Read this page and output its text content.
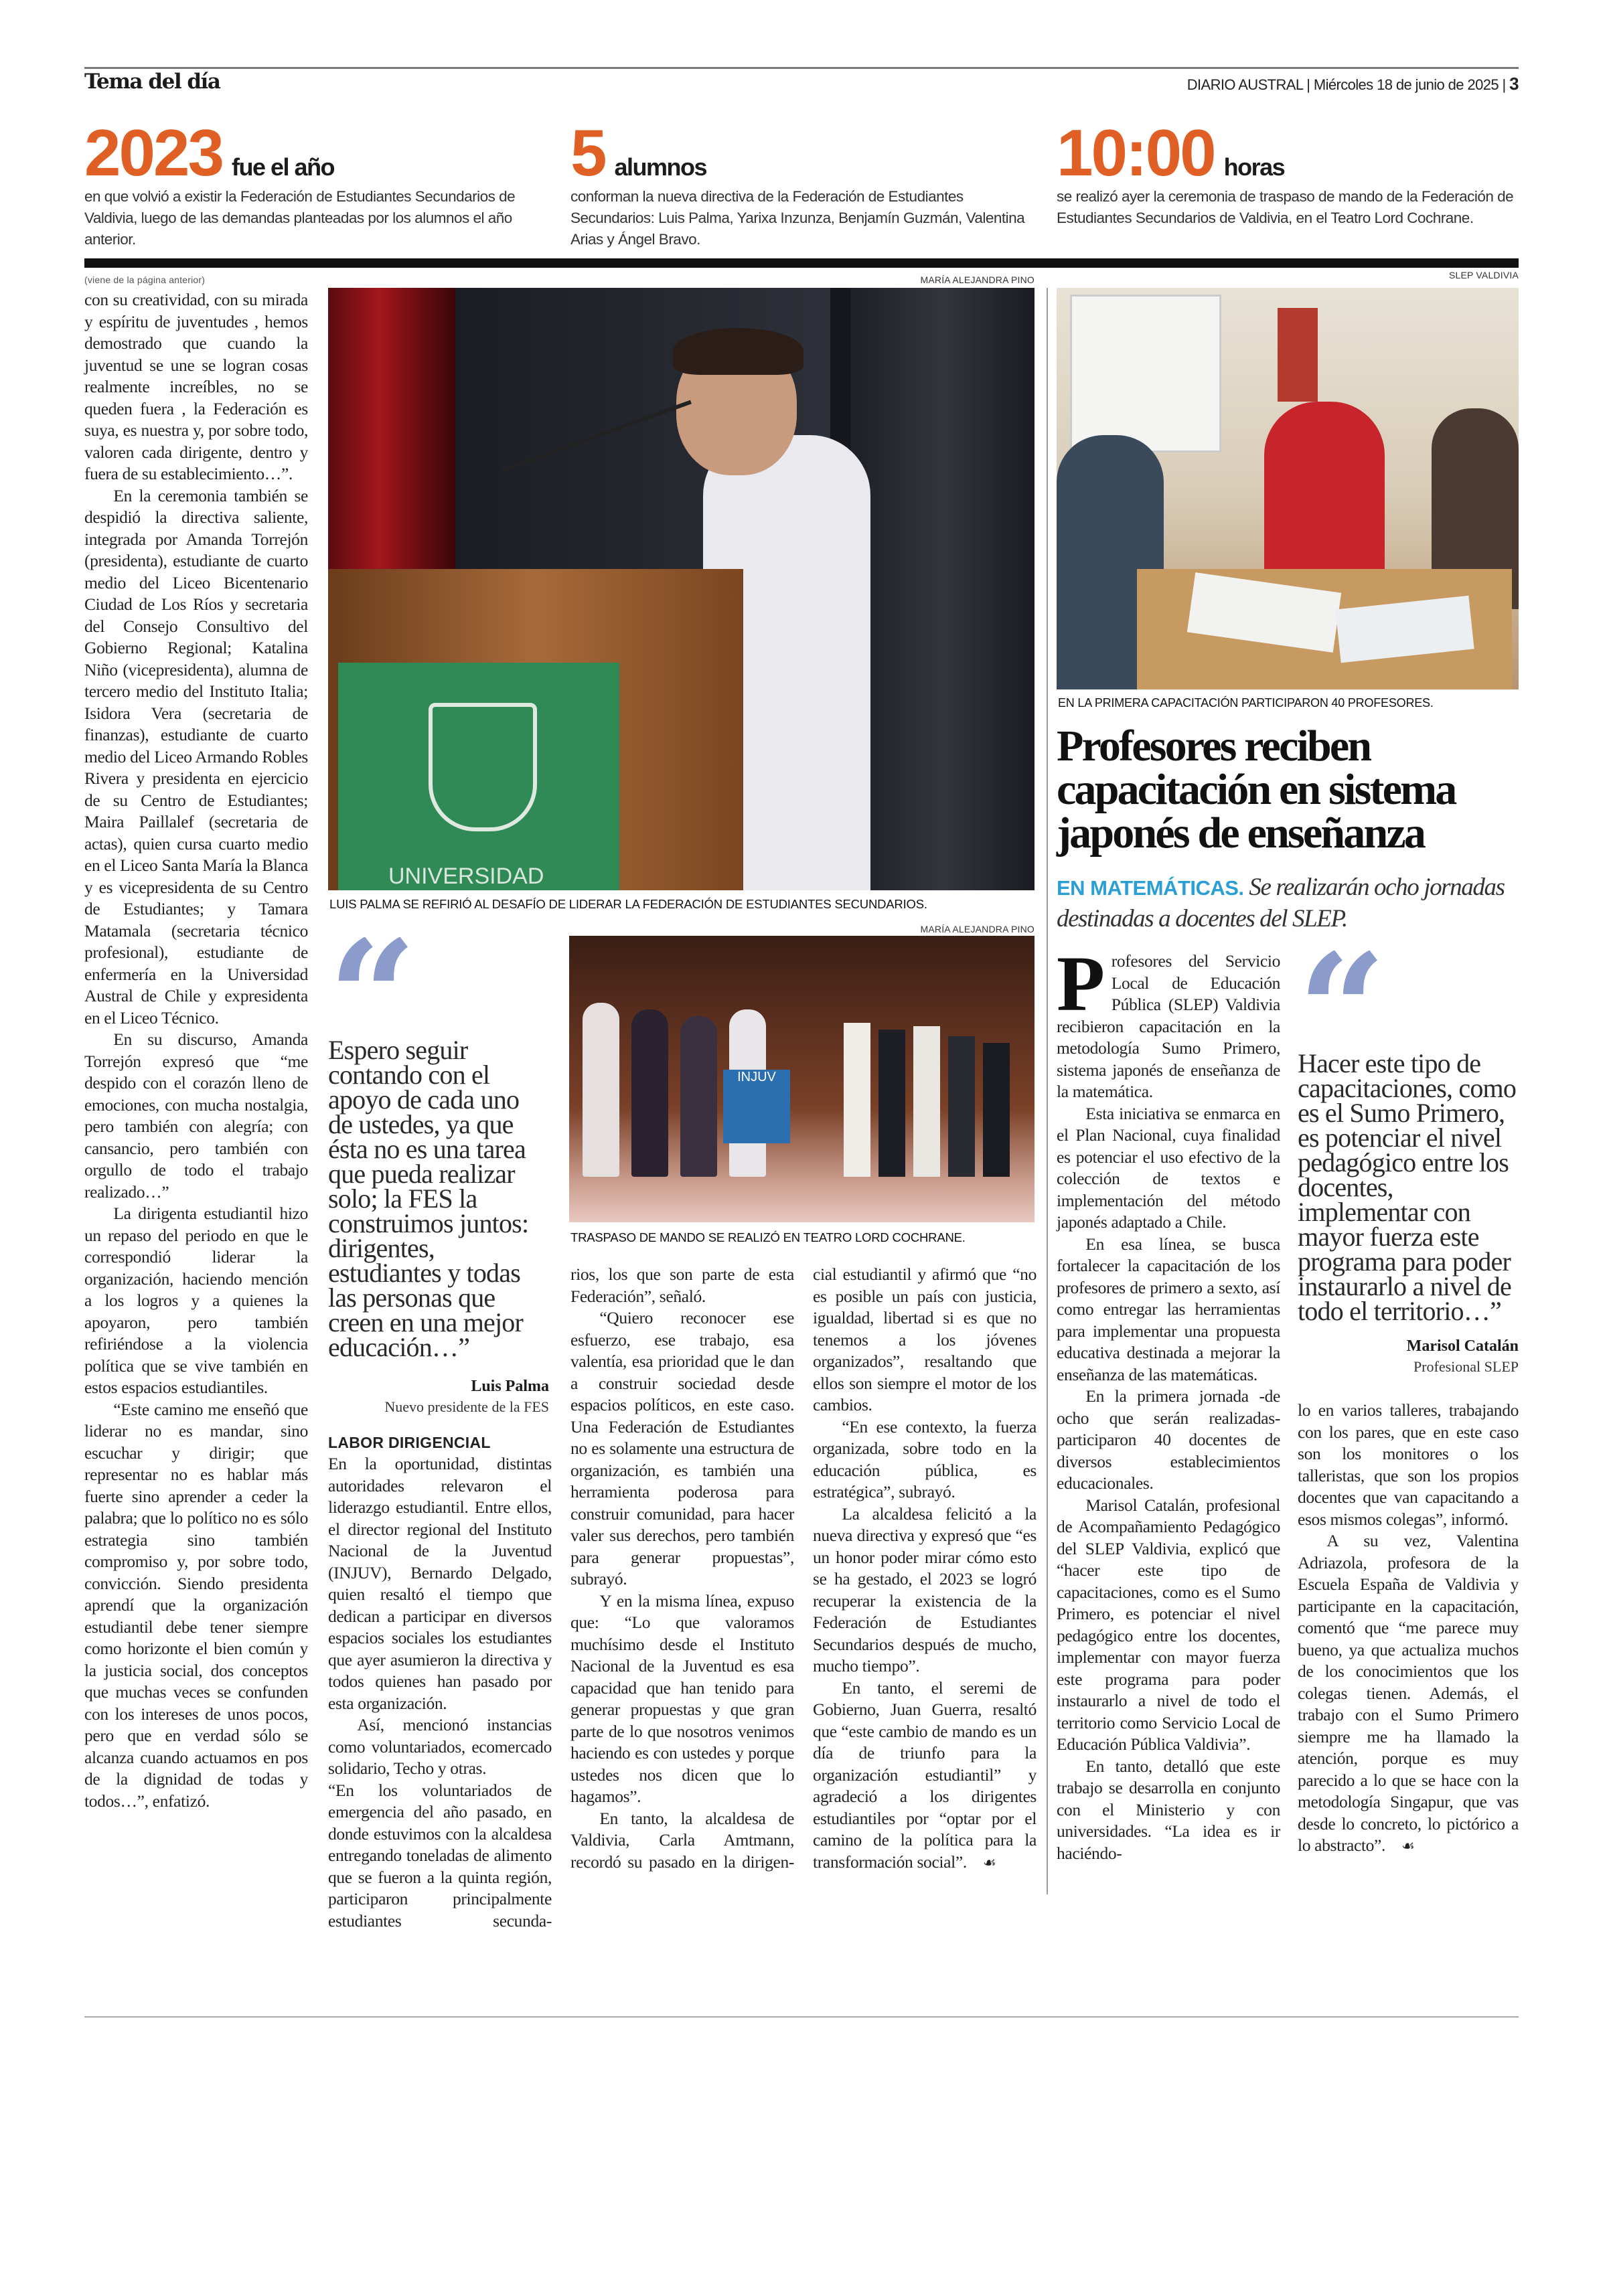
Tema del día	DIARIO AUSTRAL | Miércoles 18 de junio de 2025 | 3
2023 fue el año
en que volvió a existir la Federación de Estudiantes Secundarios de Valdivia, luego de las demandas planteadas por los alumnos el año anterior.
5 alumnos
conforman la nueva directiva de la Federación de Estudiantes Secundarios: Luis Palma, Yarixa Inzunza, Benjamín Guzmán, Valentina Arias y Ángel Bravo.
10:00 horas
se realizó ayer la ceremonia de traspaso de mando de la Federación de Estudiantes Secundarios de Valdivia, en el Teatro Lord Cochrane.
(viene de la página anterior)

con su creatividad, con su mirada y espíritu de juventudes , hemos demostrado que cuando la juventud se une se logran cosas realmente increíbles, no se queden fuera , la Federación es suya, es nuestra y, por sobre todo, valoren cada dirigente, dentro y fuera de su establecimiento…”.

En la ceremonia también se despidió la directiva saliente, integrada por Amanda Torrejón (presidenta), estudiante de cuarto medio del Liceo Bicentenario Ciudad de Los Ríos y secretaria del Consejo Consultivo del Gobierno Regional; Katalina Niño (vicepresidenta), alumna de tercero medio del Instituto Italia; Isidora Vera (secretaria de finanzas), estudiante de cuarto medio del Liceo Armando Robles Rivera y presidenta en ejercicio de su Centro de Estudiantes; Maira Paillalef (secretaria de actas), quien cursa cuarto medio en el Liceo Santa María la Blanca y es vicepresidenta de su Centro de Estudiantes; y Tamara Matamala (secretaria técnico profesional), estudiante de enfermería en la Universidad Austral de Chile y expresidenta en el Liceo Técnico.

En su discurso, Amanda Torrejón expresó que “me despido con el corazón lleno de emociones, con mucha nostalgia, pero también con alegría; con cansancio, pero también con orgullo de todo el trabajo realizado…”

La dirigenta estudiantil hizo un repaso del periodo en que le correspondió liderar la organización, haciendo mención a los logros y a quienes la apoyaron, pero también refiriéndose a la violencia política que se vive también en estos espacios estudiantiles.

“Este camino me enseñó que liderar no es mandar, sino escuchar y dirigir; que representar no es hablar más fuerte sino aprender a ceder la palabra; que lo político no es sólo estrategia sino también compromiso y, por sobre todo, convicción. Siendo presidenta aprendí que la organización estudiantil debe tener siempre como horizonte el bien común y la justicia social, dos conceptos que muchas veces se confunden con los intereses de unos pocos, pero que en verdad sólo se alcanza cuando actuamos en pos de la dignidad de todas y todos…”, enfatizó.

MARÍA ALEJANDRA PINO
UNIVERSIDAD
LUIS PALMA SE REFIRIÓ AL DESAFÍO DE LIDERAR LA FEDERACIÓN DE ESTUDIANTES SECUNDARIOS.
Espero seguir contando con el apoyo de cada uno de ustedes, ya que ésta no es una tarea que pueda realizar solo; la FES la construimos juntos: dirigentes, estudiantes y todas las personas que creen en una mejor educación…”
Luis Palma
Nuevo presidente de la FES
LABOR DIRIGENCIAL

En la oportunidad, distintas autoridades relevaron el liderazgo estudiantil. Entre ellos, el director regional del Instituto Nacional de la Juventud (INJUV), Bernardo Delgado, quien resaltó el tiempo que dedican a participar en diversos espacios sociales los estudiantes que ayer asumieron la directiva y todos quienes han pasado por esta organización.

Así, mencionó instancias como voluntariados, ecomercado solidario, Techo y otras.

“En los voluntariados de emergencia del año pasado, en donde estuvimos con la alcaldesa entregando toneladas de alimento que se fueron a la quinta región, participaron principalmente estudiantes secunda-

MARÍA ALEJANDRA PINO
INJUV
TRASPASO DE MANDO SE REALIZÓ EN TEATRO LORD COCHRANE.

rios, los que son parte de esta Federación”, señaló.

“Quiero reconocer ese esfuerzo, ese trabajo, esa valentía, esa prioridad que le dan a construir sociedad desde espacios políticos, en este caso. Una Federación de Estudiantes no es solamente una estructura de organización, es también una herramienta poderosa para construir comunidad, para hacer valer sus derechos, pero también para generar propuestas”, subrayó.

Y en la misma línea, expuso que: “Lo que valoramos muchísimo desde el Instituto Nacional de la Juventud es esa capacidad que han tenido para generar propuestas y que gran parte de lo que nosotros venimos haciendo es con ustedes y porque ustedes nos dicen que lo hagamos”.

En tanto, la alcaldesa de Valdivia, Carla Amtmann, recordó su pasado en la dirigen-

cial estudiantil y afirmó que “no es posible un país con justicia, igualdad, libertad si es que no tenemos a los jóvenes organizados”, resaltando que ellos son siempre el motor de los cambios.

“En ese contexto, la fuerza organizada, sobre todo en la educación pública, es estratégica”, subrayó.

La alcaldesa felicitó a la nueva directiva y expresó que “es un honor poder mirar cómo esto se ha gestado, el 2023 se logró recuperar la existencia de la Federación de Estudiantes Secundarios después de mucho, mucho tiempo”.

En tanto, el seremi de Gobierno, Juan Guerra, resaltó que “este cambio de mando es un día de triunfo para la organización estudiantil” y agradeció a los dirigentes estudiantiles por “optar por el camino de la política para la transformación social”. ☙

SLEP VALDIVIA
EN LA PRIMERA CAPACITACIÓN PARTICIPARON 40 PROFESORES.
Profesores reciben capacitación en sistema japonés de enseñanza
EN MATEMÁTICAS. Se realizarán ocho jornadas destinadas a docentes del SLEP.

Profesores del Servicio Local de Educación Pública (SLEP) Valdivia recibieron capacitación en la metodología Sumo Primero, sistema japonés de enseñanza de la matemática.

Esta iniciativa se enmarca en el Plan Nacional, cuya finalidad es potenciar el uso efectivo de la colección de textos e implementación del método japonés adaptado a Chile.

En esa línea, se busca fortalecer la capacitación de los profesores de primero a sexto, así como entregar las herramientas para implementar una propuesta educativa destinada a mejorar la enseñanza de las matemáticas.

En la primera jornada -de ocho que serán realizadas- participaron 40 docentes de diversos establecimientos educacionales.

Marisol Catalán, profesional de Acompañamiento Pedagógico del SLEP Valdivia, explicó que “hacer este tipo de capacitaciones, como es el Sumo Primero, es potenciar el nivel pedagógico entre los docentes, implementar con mayor fuerza este programa para poder instaurarlo a nivel de todo el territorio como Servicio Local de Educación Pública Valdivia”.

En tanto, detalló que este trabajo se desarrolla en conjunto con el Ministerio y con universidades. “La idea es ir haciéndo-

Hacer este tipo de capacitaciones, como es el Sumo Primero, es potenciar el nivel pedagógico entre los docentes, implementar con mayor fuerza este programa para poder instaurarlo a nivel de todo el territorio…”
Marisol Catalán
Profesional SLEP

lo en varios talleres, trabajando con los pares, que en este caso son los monitores o los talleristas, que son los propios docentes que van capacitando a esos mismos colegas”, informó.

A su vez, Valentina Adriazola, profesora de la Escuela España de Valdivia y participante en la capacitación, comentó que “me parece muy bueno, ya que actualiza muchos de los conocimientos que los colegas tienen. Además, el trabajo con el Sumo Primero siempre me ha llamado la atención, porque es muy parecido a lo que se hace con la metodología Singapur, que vas desde lo concreto, lo pictórico a lo abstracto”. ☙
